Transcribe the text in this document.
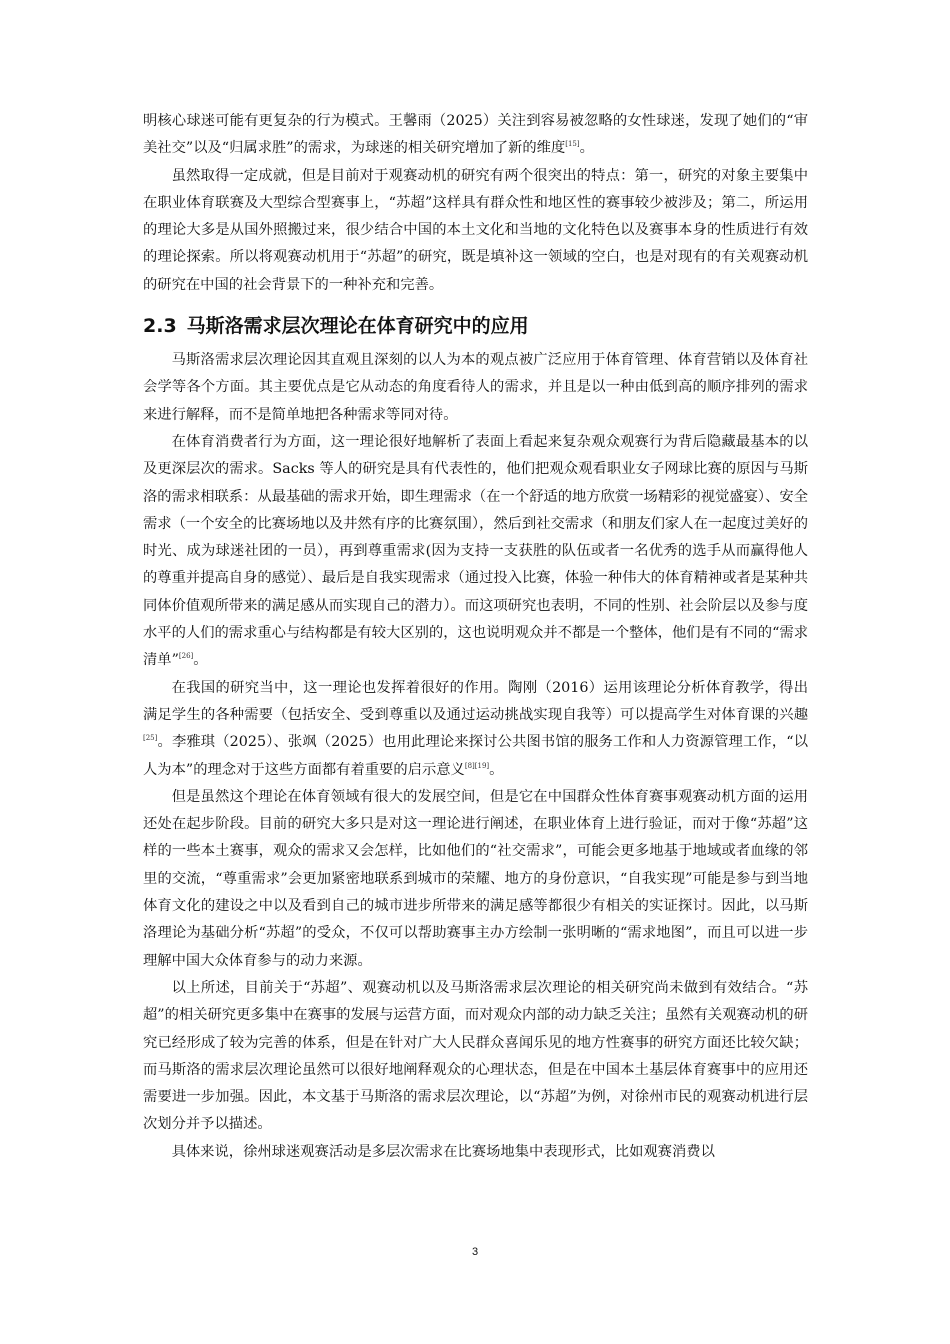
明核心球迷可能有更复杂的行为模式。王馨雨（2025）关注到容易被忽略的女性球迷，发现了她们的“审美社交”以及“归属求胜”的需求，为球迷的相关研究增加了新的维度[15]。

虽然取得一定成就，但是目前对于观赛动机的研究有两个很突出的特点：第一，研究的对象主要集中在职业体育联赛及大型综合型赛事上，“苏超”这样具有群众性和地区性的赛事较少被涉及；第二，所运用的理论大多是从国外照搬过来，很少结合中国的本土文化和当地的文化特色以及赛事本身的性质进行有效的理论探索。所以将观赛动机用于“苏超”的研究，既是填补这一领域的空白，也是对现有的有关观赛动机的研究在中国的社会背景下的一种补充和完善。

2.3 马斯洛需求层次理论在体育研究中的应用

马斯洛需求层次理论因其直观且深刻的以人为本的观点被广泛应用于体育管理、体育营销以及体育社会学等各个方面。其主要优点是它从动态的角度看待人的需求，并且是以一种由低到高的顺序排列的需求来进行解释，而不是简单地把各种需求等同对待。

在体育消费者行为方面，这一理论很好地解析了表面上看起来复杂观众观赛行为背后隐藏最基本的以及更深层次的需求。Sacks 等人的研究是具有代表性的，他们把观众观看职业女子网球比赛的原因与马斯洛的需求相联系：从最基础的需求开始，即生理需求（在一个舒适的地方欣赏一场精彩的视觉盛宴）、安全需求（一个安全的比赛场地以及井然有序的比赛氛围），然后到社交需求（和朋友们家人在一起度过美好的时光、成为球迷社团的一员），再到尊重需求(因为支持一支获胜的队伍或者一名优秀的选手从而赢得他人的尊重并提高自身的感觉）、最后是自我实现需求（通过投入比赛，体验一种伟大的体育精神或者是某种共同体价值观所带来的满足感从而实现自己的潜力）。而这项研究也表明，不同的性别、社会阶层以及参与度水平的人们的需求重心与结构都是有较大区别的，这也说明观众并不都是一个整体，他们是有不同的“需求清单”[26]。

在我国的研究当中，这一理论也发挥着很好的作用。陶刚（2016）运用该理论分析体育教学，得出满足学生的各种需要（包括安全、受到尊重以及通过运动挑战实现自我等）可以提高学生对体育课的兴趣[25]。李雅琪（2025）、张飒（2025）也用此理论来探讨公共图书馆的服务工作和人力资源管理工作，“以人为本”的理念对于这些方面都有着重要的启示意义[8][19]。

但是虽然这个理论在体育领域有很大的发展空间，但是它在中国群众性体育赛事观赛动机方面的运用还处在起步阶段。目前的研究大多只是对这一理论进行阐述，在职业体育上进行验证，而对于像“苏超”这样的一些本土赛事，观众的需求又会怎样，比如他们的“社交需求”，可能会更多地基于地域或者血缘的邻里的交流，“尊重需求”会更加紧密地联系到城市的荣耀、地方的身份意识，“自我实现”可能是参与到当地体育文化的建设之中以及看到自己的城市进步所带来的满足感等都很少有相关的实证探讨。因此，以马斯洛理论为基础分析“苏超”的受众，不仅可以帮助赛事主办方绘制一张明晰的“需求地图”，而且可以进一步理解中国大众体育参与的动力来源。

以上所述，目前关于“苏超”、观赛动机以及马斯洛需求层次理论的相关研究尚未做到有效结合。“苏超”的相关研究更多集中在赛事的发展与运营方面，而对观众内部的动力缺乏关注；虽然有关观赛动机的研究已经形成了较为完善的体系，但是在针对广大人民群众喜闻乐见的地方性赛事的研究方面还比较欠缺；而马斯洛的需求层次理论虽然可以很好地阐释观众的心理状态，但是在中国本土基层体育赛事中的应用还需要进一步加强。因此，本文基于马斯洛的需求层次理论，以“苏超”为例，对徐州市民的观赛动机进行层次划分并予以描述。

具体来说，徐州球迷观赛活动是多层次需求在比赛场地集中表现形式，比如观赛消费以

3
